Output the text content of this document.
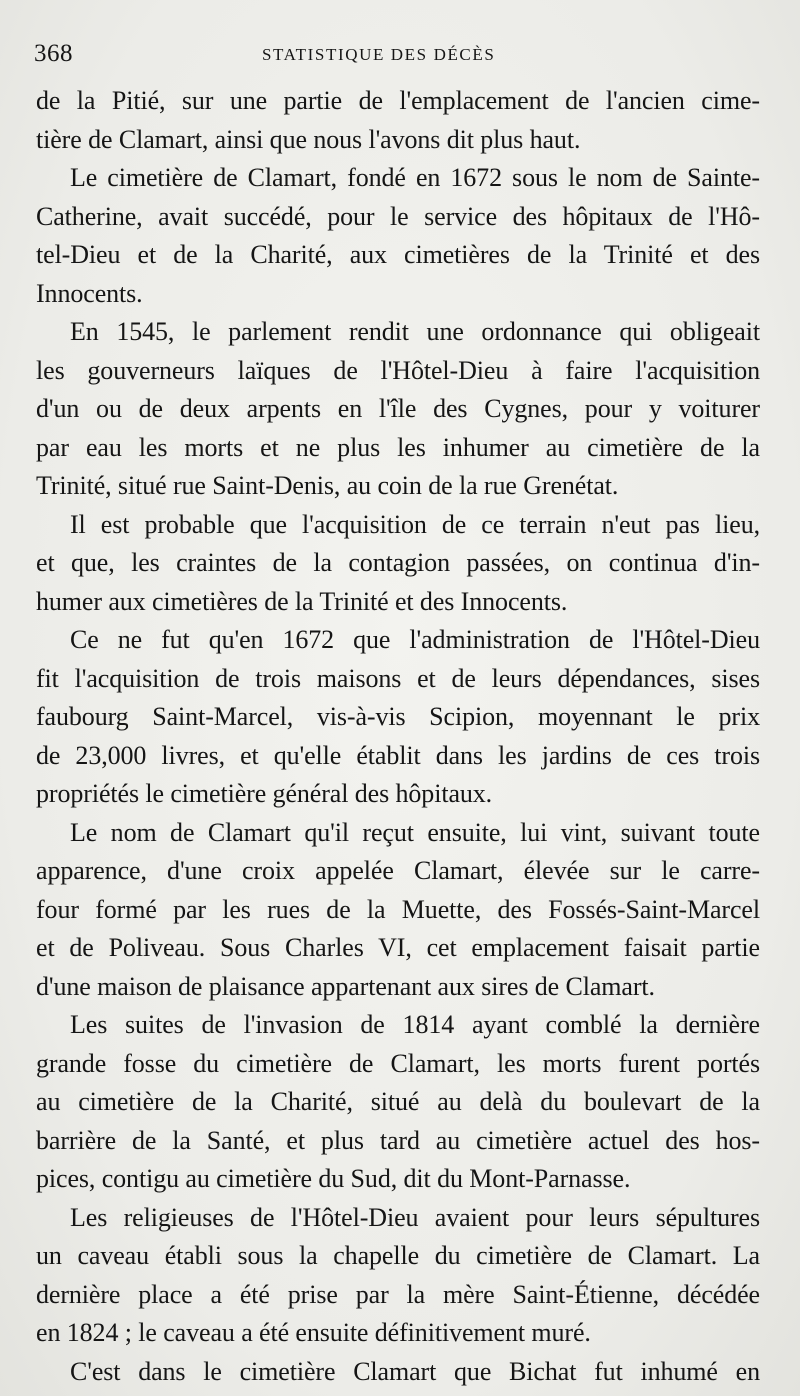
368	STATISTIQUE DES DÉCÈS
de la Pitié, sur une partie de l'emplacement de l'ancien cime-
tière de Clamart, ainsi que nous l'avons dit plus haut.
Le cimetière de Clamart, fondé en 1672 sous le nom de Sainte-
Catherine, avait succédé, pour le service des hôpitaux de l'Hô-
tel-Dieu et de la Charité, aux cimetières de la Trinité et des
Innocents.
En 1545, le parlement rendit une ordonnance qui obligeait
les gouverneurs laïques de l'Hôtel-Dieu à faire l'acquisition
d'un ou de deux arpents en l'île des Cygnes, pour y voiturer
par eau les morts et ne plus les inhumer au cimetière de la
Trinité, situé rue Saint-Denis, au coin de la rue Grenétat.
Il est probable que l'acquisition de ce terrain n'eut pas lieu,
et que, les craintes de la contagion passées, on continua d'in-
humer aux cimetières de la Trinité et des Innocents.
Ce ne fut qu'en 1672 que l'administration de l'Hôtel-Dieu
fit l'acquisition de trois maisons et de leurs dépendances, sises
faubourg Saint-Marcel, vis-à-vis Scipion, moyennant le prix
de 23,000 livres, et qu'elle établit dans les jardins de ces trois
propriétés le cimetière général des hôpitaux.
Le nom de Clamart qu'il reçut ensuite, lui vint, suivant toute
apparence, d'une croix appelée Clamart, élevée sur le carre-
four formé par les rues de la Muette, des Fossés-Saint-Marcel
et de Poliveau. Sous Charles VI, cet emplacement faisait partie
d'une maison de plaisance appartenant aux sires de Clamart.
Les suites de l'invasion de 1814 ayant comblé la dernière
grande fosse du cimetière de Clamart, les morts furent portés
au cimetière de la Charité, situé au delà du boulevart de la
barrière de la Santé, et plus tard au cimetière actuel des hos-
pices, contigu au cimetière du Sud, dit du Mont-Parnasse.
Les religieuses de l'Hôtel-Dieu avaient pour leurs sépultures
un caveau établi sous la chapelle du cimetière de Clamart. La
dernière place a été prise par la mère Saint-Étienne, décédée
en 1824 ; le caveau a été ensuite définitivement muré.
C'est dans le cimetière Clamart que Bichat fut inhumé en
